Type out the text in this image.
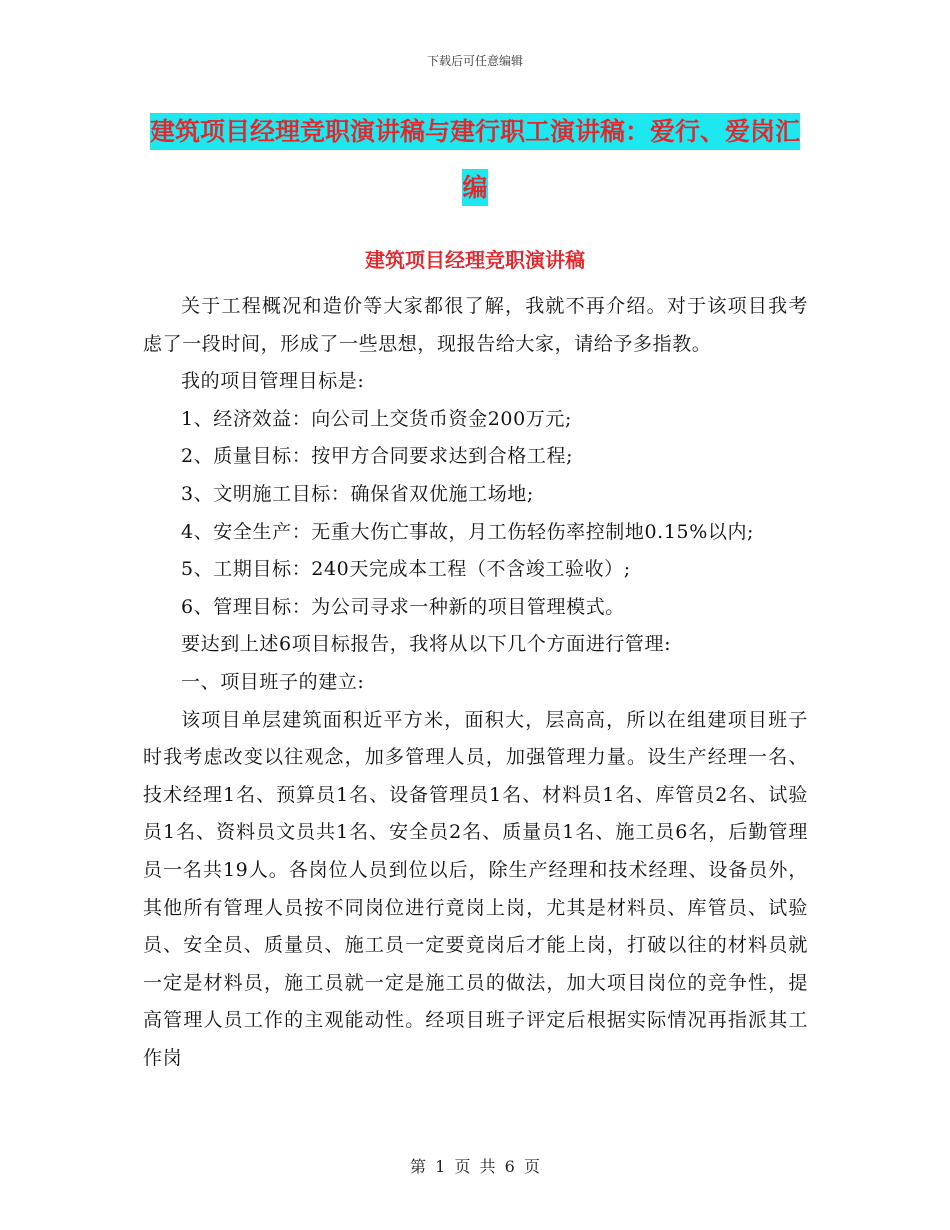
下载后可任意编辑
建筑项目经理竞职演讲稿与建行职工演讲稿：爱行、爱岗汇编
建筑项目经理竞职演讲稿

关于工程概况和造价等大家都很了解，我就不再介绍。对于该项目我考虑了一段时间，形成了一些思想，现报告给大家，请给予多指教。

我的项目管理目标是:

1、经济效益：向公司上交货币资金200万元;

2、质量目标：按甲方合同要求达到合格工程;

3、文明施工目标：确保省双优施工场地;

4、安全生产：无重大伤亡事故，月工伤轻伤率控制地0.15%以内;

5、工期目标：240天完成本工程（不含竣工验收）;

6、管理目标：为公司寻求一种新的项目管理模式。

要达到上述6项目标报告，我将从以下几个方面进行管理:

一、项目班子的建立:

该项目单层建筑面积近平方米，面积大，层高高，所以在组建项目班子时我考虑改变以往观念，加多管理人员，加强管理力量。设生产经理一名、技术经理1名、预算员1名、设备管理员1名、材料员1名、库管员2名、试验员1名、资料员文员共1名、安全员2名、质量员1名、施工员6名，后勤管理员一名共19人。各岗位人员到位以后，除生产经理和技术经理、设备员外，其他所有管理人员按不同岗位进行竟岗上岗，尤其是材料员、库管员、试验员、安全员、质量员、施工员一定要竟岗后才能上岗，打破以往的材料员就一定是材料员，施工员就一定是施工员的做法，加大项目岗位的竞争性，提高管理人员工作的主观能动性。经项目班子评定后根据实际情况再指派其工作岗

第 1 页 共 6 页
